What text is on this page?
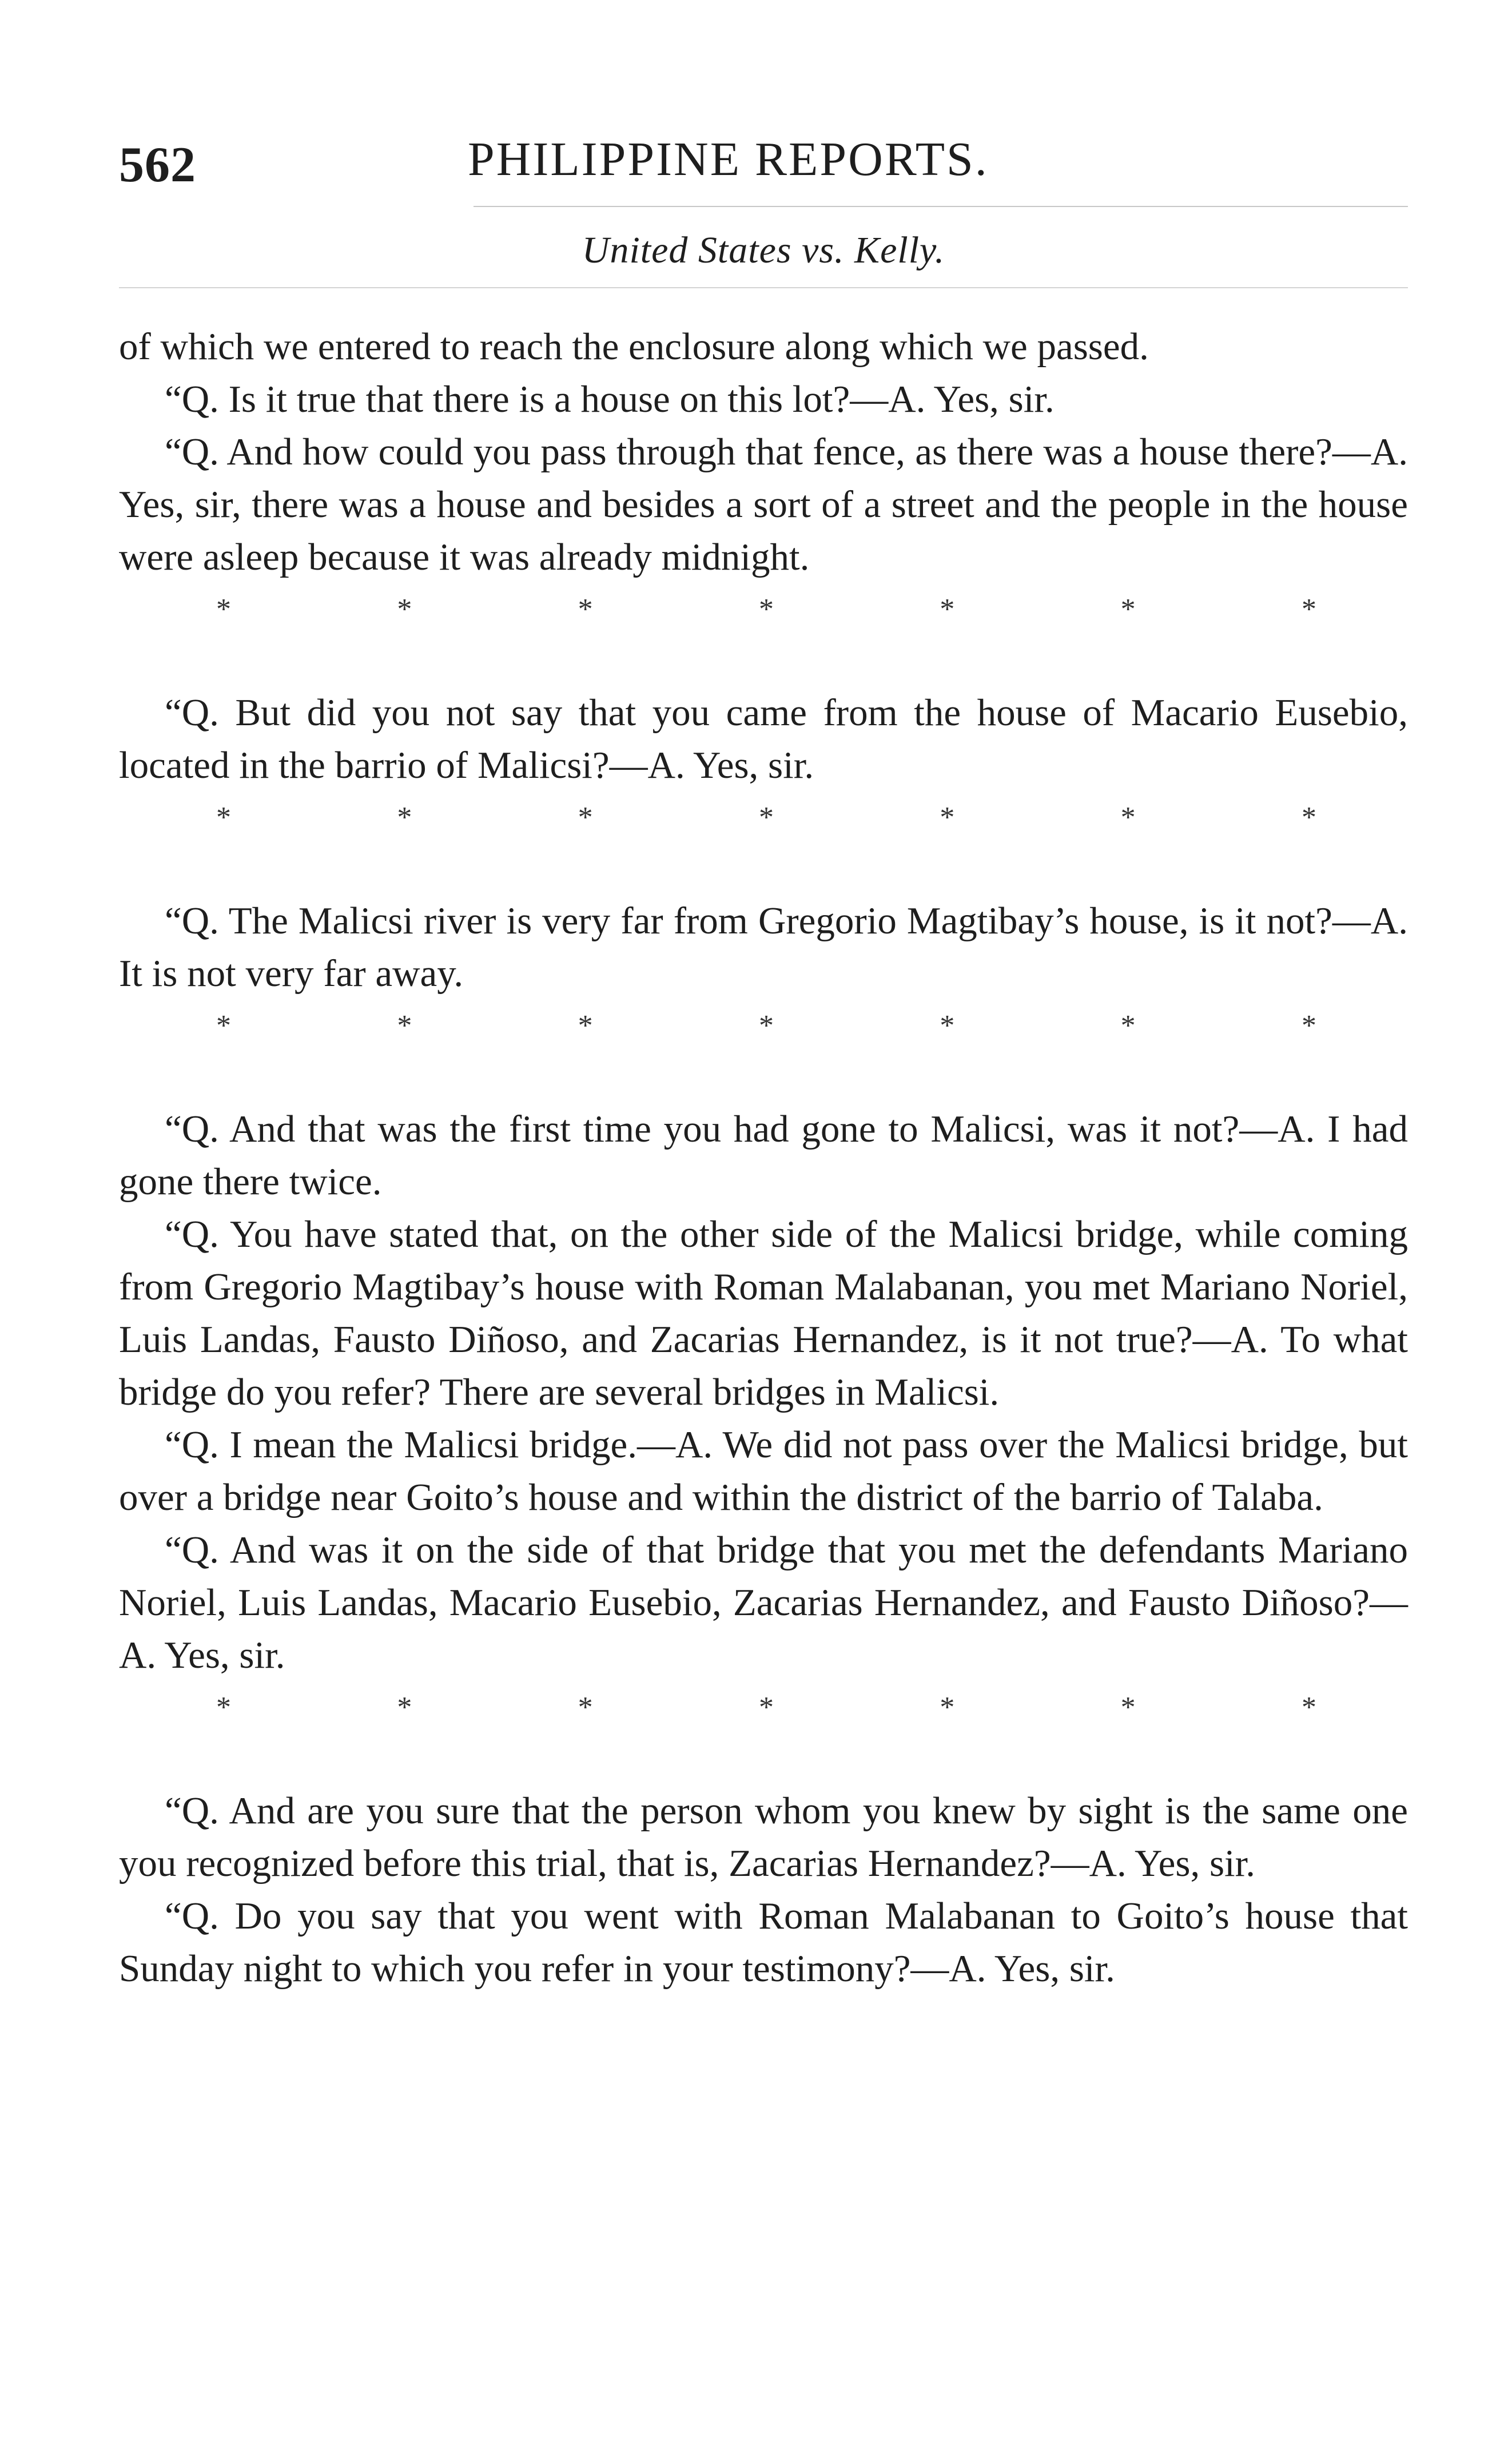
562	PHILIPPINE REPORTS.
United States vs. Kelly.

of which we entered to reach the enclosure along which we passed.

“Q. Is it true that there is a house on this lot?—A. Yes, sir.

“Q. And how could you pass through that fence, as there was a house there?—A. Yes, sir, there was a house and besides a sort of a street and the people in the house were asleep because it was already midnight.

*	*	*	*	*	*	*

“Q. But did you not say that you came from the house of Macario Eusebio, located in the barrio of Malicsi?—A. Yes, sir.

*	*	*	*	*	*	*

“Q. The Malicsi river is very far from Gregorio Magtibay’s house, is it not?—A. It is not very far away.

*	*	*	*	*	*	*

“Q. And that was the first time you had gone to Malicsi, was it not?—A. I had gone there twice.

“Q. You have stated that, on the other side of the Malicsi bridge, while coming from Gregorio Magtibay’s house with Roman Malabanan, you met Mariano Noriel, Luis Landas, Fausto Diñoso, and Zacarias Hernandez, is it not true?—A. To what bridge do you refer? There are several bridges in Malicsi.

“Q. I mean the Malicsi bridge.—A. We did not pass over the Malicsi bridge, but over a bridge near Goito’s house and within the district of the barrio of Talaba.

“Q. And was it on the side of that bridge that you met the defendants Mariano Noriel, Luis Landas, Macario Eusebio, Zacarias Hernandez, and Fausto Diñoso?—A. Yes, sir.

*	*	*	*	*	*	*

“Q. And are you sure that the person whom you knew by sight is the same one you recognized before this trial, that is, Zacarias Hernandez?—A. Yes, sir.

“Q. Do you say that you went with Roman Malabanan to Goito’s house that Sunday night to which you refer in your testimony?—A. Yes, sir.
